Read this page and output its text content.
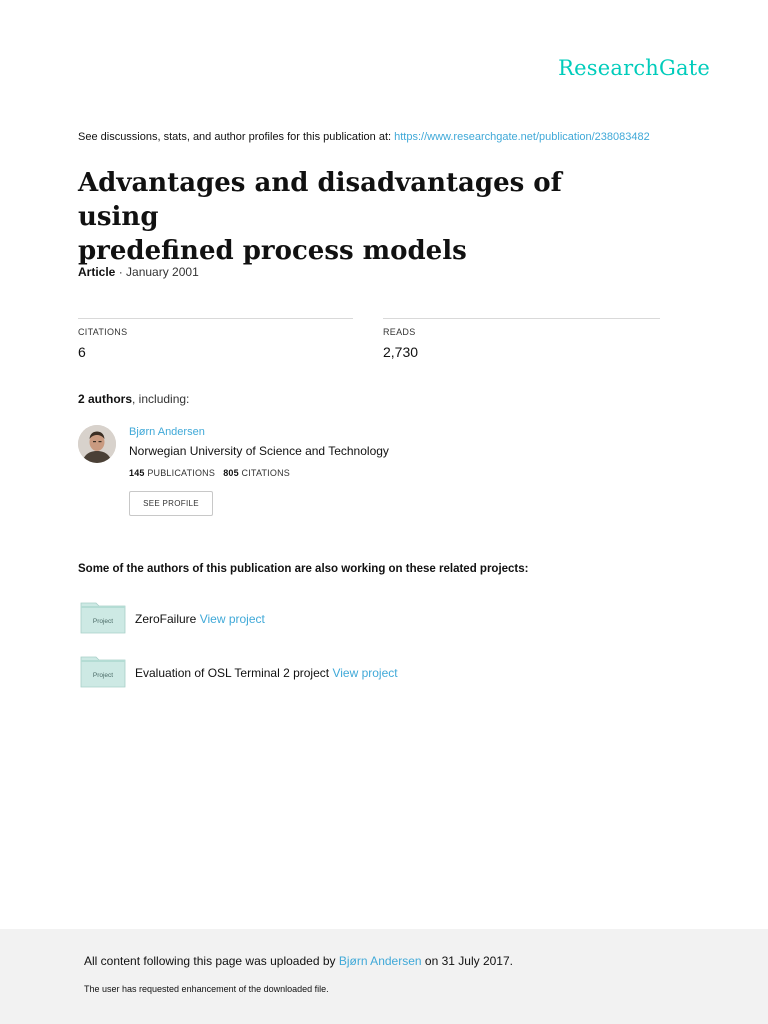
ResearchGate
See discussions, stats, and author profiles for this publication at: https://www.researchgate.net/publication/238083482
Advantages and disadvantages of using
predefined process models
Article · January 2001
CITATIONS
6
READS
2,730
2 authors, including:
Bjørn Andersen
Norwegian University of Science and Technology
145 PUBLICATIONS 805 CITATIONS
SEE PROFILE
Some of the authors of this publication are also working on these related projects:
Project ZeroFailure View project
Project Evaluation of OSL Terminal 2 project View project
All content following this page was uploaded by Bjørn Andersen on 31 July 2017.
The user has requested enhancement of the downloaded file.
